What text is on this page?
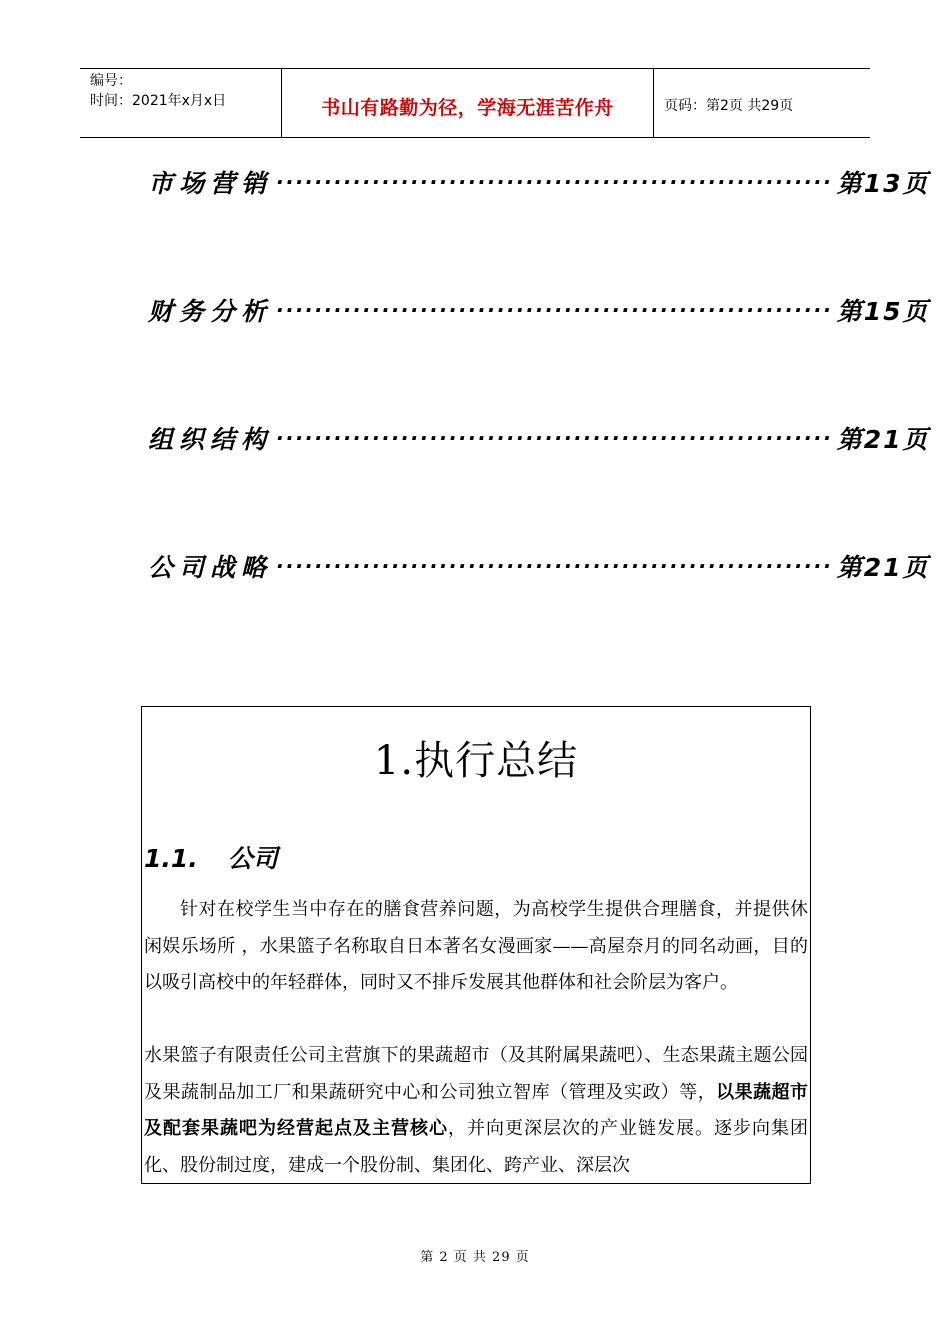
编号：
时间：2021年x月x日	书山有路勤为径，学海无涯苦作舟	页码：第2页 共29页
市场营销 ·························································· 第13页
财务分析 ·························································· 第15页
组织结构 ·························································· 第21页
公司战略 ·························································· 第21页
1.执行总结
1.1. 公司
针对在校学生当中存在的膳食营养问题，为高校学生提供合理膳食，并提供休闲娱乐场所 ，水果篮子名称取自日本著名女漫画家——高屋奈月的同名动画，目的以吸引高校中的年轻群体，同时又不排斥发展其他群体和社会阶层为客户。
水果篮子有限责任公司主营旗下的果蔬超市（及其附属果蔬吧）、生态果蔬主题公园及果蔬制品加工厂和果蔬研究中心和公司独立智库（管理及实政）等，以果蔬超市及配套果蔬吧为经营起点及主营核心，并向更深层次的产业链发展。逐步向集团化、股份制过度，建成一个股份制、集团化、跨产业、深层次
第 2 页 共 29 页
